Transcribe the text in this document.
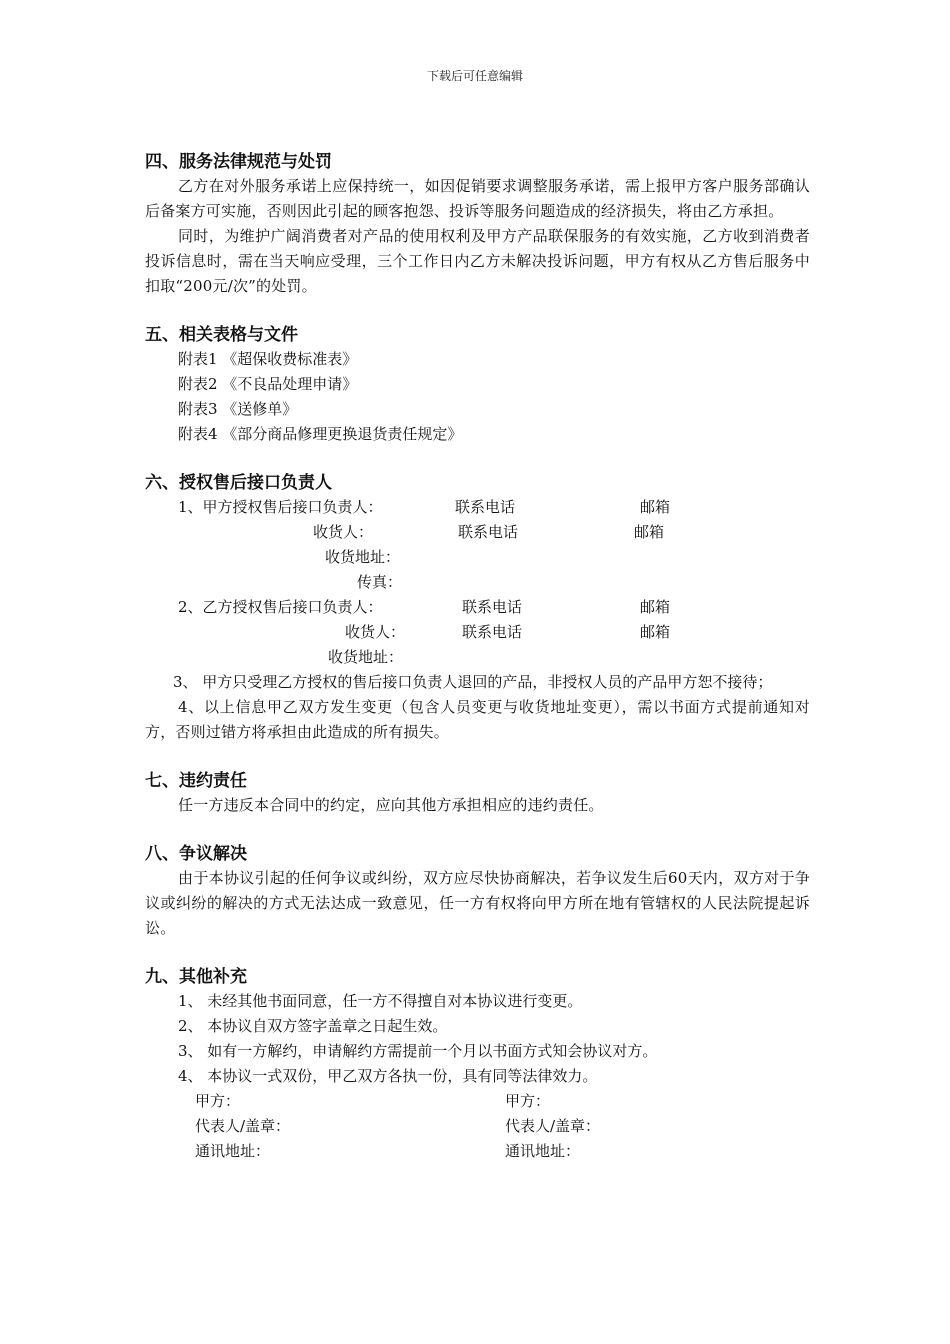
下载后可任意编辑
四、服务法律规范与处罚

乙方在对外服务承诺上应保持统一，如因促销要求调整服务承诺，需上报甲方客户服务部确认后备案方可实施，否则因此引起的顾客抱怨、投诉等服务问题造成的经济损失，将由乙方承担。

同时，为维护广阔消费者对产品的使用权利及甲方产品联保服务的有效实施，乙方收到消费者投诉信息时，需在当天响应受理，三个工作日内乙方未解决投诉问题，甲方有权从乙方售后服务中扣取“200元/次”的处罚。

五、相关表格与文件
附表1 《超保收费标准表》
附表2 《不良品处理申请》
附表3 《送修单》
附表4 《部分商品修理更换退货责任规定》
六、授权售后接口负责人
1、甲方授权售后接口负责人：	联系电话	邮箱
收货人：	联系电话	邮箱
收货地址：
传真：
2、乙方授权售后接口负责人：	联系电话	邮箱
收货人：	联系电话	邮箱
收货地址：

3、 甲方只受理乙方授权的售后接口负责人退回的产品，非授权人员的产品甲方恕不接待；

4、以上信息甲乙双方发生变更（包含人员变更与收货地址变更），需以书面方式提前通知对方，否则过错方将承担由此造成的所有损失。

七、违约责任

任一方违反本合同中的约定，应向其他方承担相应的违约责任。

八、争议解决

由于本协议引起的任何争议或纠纷，双方应尽快协商解决，若争议发生后60天内，双方对于争议或纠纷的解决的方式无法达成一致意见，任一方有权将向甲方所在地有管辖权的人民法院提起诉讼。

九、其他补充
1、 未经其他书面同意，任一方不得擅自对本协议进行变更。
2、 本协议自双方签字盖章之日起生效。
3、 如有一方解约，申请解约方需提前一个月以书面方式知会协议对方。
4、 本协议一式双份，甲乙双方各执一份，具有同等法律效力。
甲方：	甲方：
代表人/盖章：	代表人/盖章：
通讯地址：	通讯地址：
